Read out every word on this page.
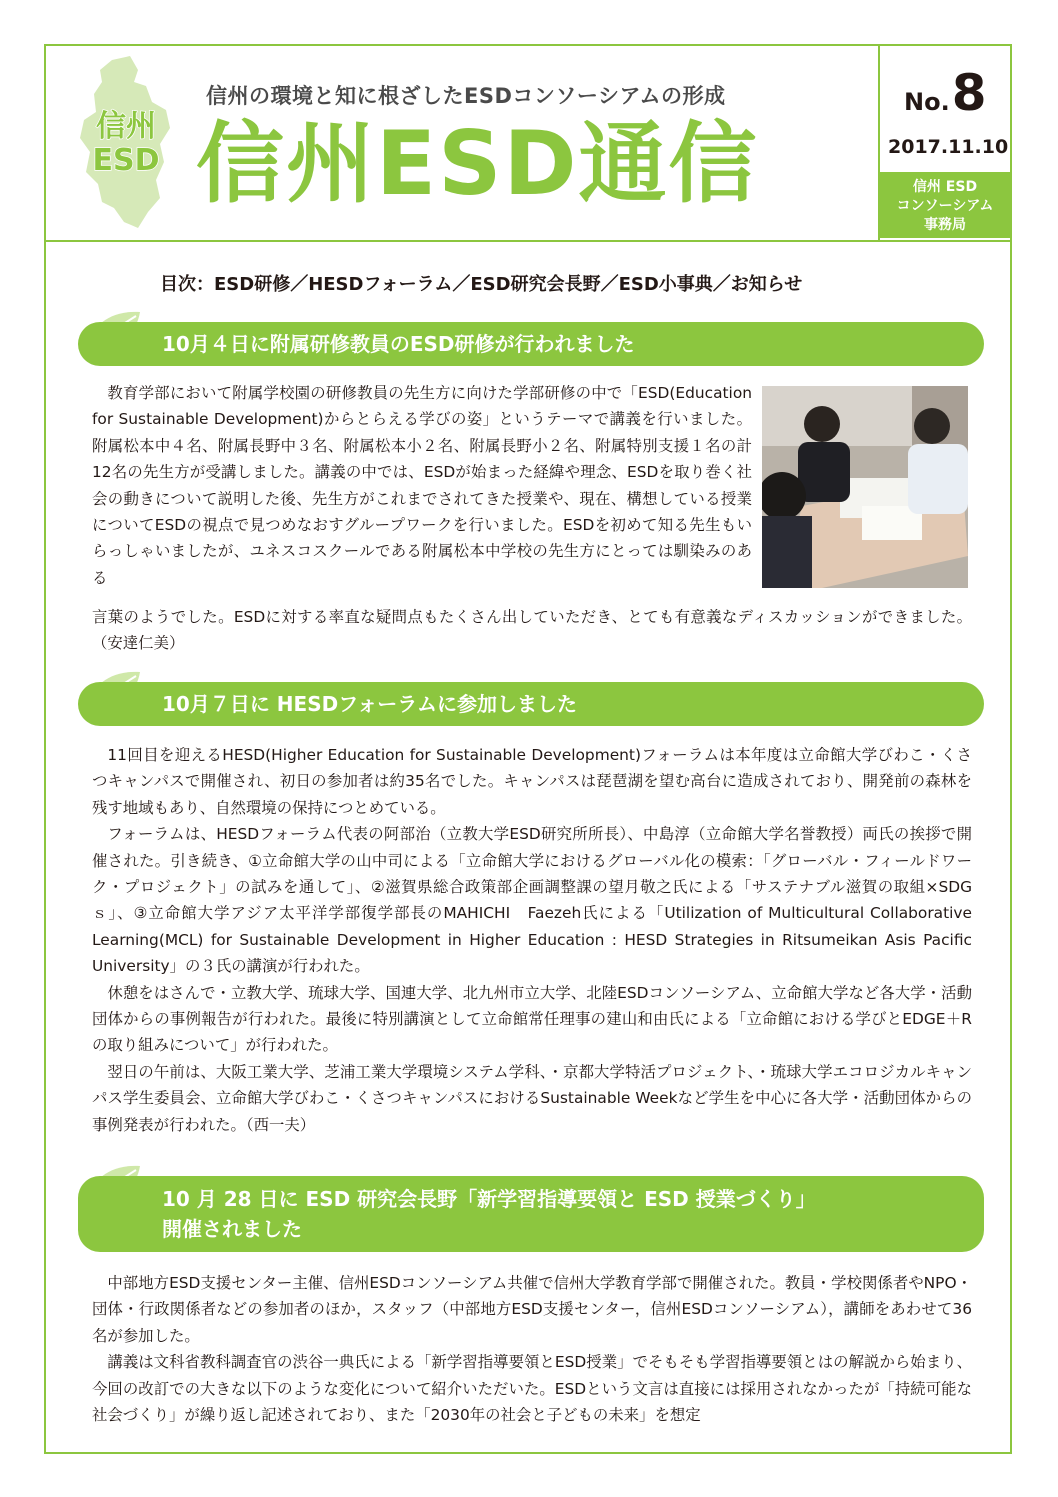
信州
ESD
信州の環境と知に根ざしたESDコンソーシアムの形成
信州ESD通信
No.8
2017.11.10
信州 ESD
コンソーシアム
事務局
目次：ESD研修／HESDフォーラム／ESD研究会長野／ESD小事典／お知らせ
10月４日に附属研修教員のESD研修が行われました

教育学部において附属学校園の研修教員の先生方に向けた学部研修の中で「ESD(Education for Sustainable Development)からとらえる学びの姿」というテーマで講義を行いました。附属松本中４名、附属長野中３名、附属松本小２名、附属長野小２名、附属特別支援１名の計12名の先生方が受講しました。講義の中では、ESDが始まった経緯や理念、ESDを取り巻く社会の動きについて説明した後、先生方がこれまでされてきた授業や、現在、構想している授業についてESDの視点で見つめなおすグループワークを行いました。ESDを初めて知る先生もいらっしゃいましたが、ユネスコスクールである附属松本中学校の先生方にとっては馴染みのある

言葉のようでした。ESDに対する率直な疑問点もたくさん出していただき、とても有意義なディスカッションができました。（安達仁美）

10月７日に HESDフォーラムに参加しました

11回目を迎えるHESD(Higher Education for Sustainable Development)フォーラムは本年度は立命館大学びわこ・くさつキャンパスで開催され、初日の参加者は約35名でした。キャンパスは琵琶湖を望む高台に造成されており、開発前の森林を残す地域もあり、自然環境の保持につとめている。

フォーラムは、HESDフォーラム代表の阿部治（立教大学ESD研究所所長）、中島淳（立命館大学名誉教授）両氏の挨拶で開催された。引き続き、①立命館大学の山中司による「立命館大学におけるグローバル化の模索：「グローバル・フィールドワーク・プロジェクト」の試みを通して」、②滋賀県総合政策部企画調整課の望月敬之氏による「サステナブル滋賀の取組×SDGｓ」、③立命館大学アジア太平洋学部復学部長のMAHICHI　Faezeh氏による「Utilization of Multicultural Collaborative Learning(MCL) for Sustainable Development in Higher Education : HESD Strategies in Ritsumeikan Asis Pacific University」の３氏の講演が行われた。

休憩をはさんで・立教大学、琉球大学、国連大学、北九州市立大学、北陸ESDコンソーシアム、立命館大学など各大学・活動団体からの事例報告が行われた。最後に特別講演として立命館常任理事の建山和由氏による「立命館における学びとEDGE＋Rの取り組みについて」が行われた。

翌日の午前は、大阪工業大学、芝浦工業大学環境システム学科、・京都大学特活プロジェクト、・琉球大学エコロジカルキャンパス学生委員会、立命館大学びわこ・くさつキャンパスにおけるSustainable Weekなど学生を中心に各大学・活動団体からの事例発表が行われた。（西一夫）

10 月 28 日に ESD 研究会長野「新学習指導要領と ESD 授業づくり」
開催されました

中部地方ESD支援センター主催、信州ESDコンソーシアム共催で信州大学教育学部で開催された。教員・学校関係者やNPO・団体・行政関係者などの参加者のほか，スタッフ（中部地方ESD支援センター，信州ESDコンソーシアム），講師をあわせて36名が参加した。

講義は文科省教科調査官の渋谷一典氏による「新学習指導要領とESD授業」でそもそも学習指導要領とはの解説から始まり、今回の改訂での大きな以下のような変化について紹介いただいた。ESDという文言は直接には採用されなかったが「持続可能な社会づくり」が繰り返し記述されており、また「2030年の社会と子どもの未来」を想定
